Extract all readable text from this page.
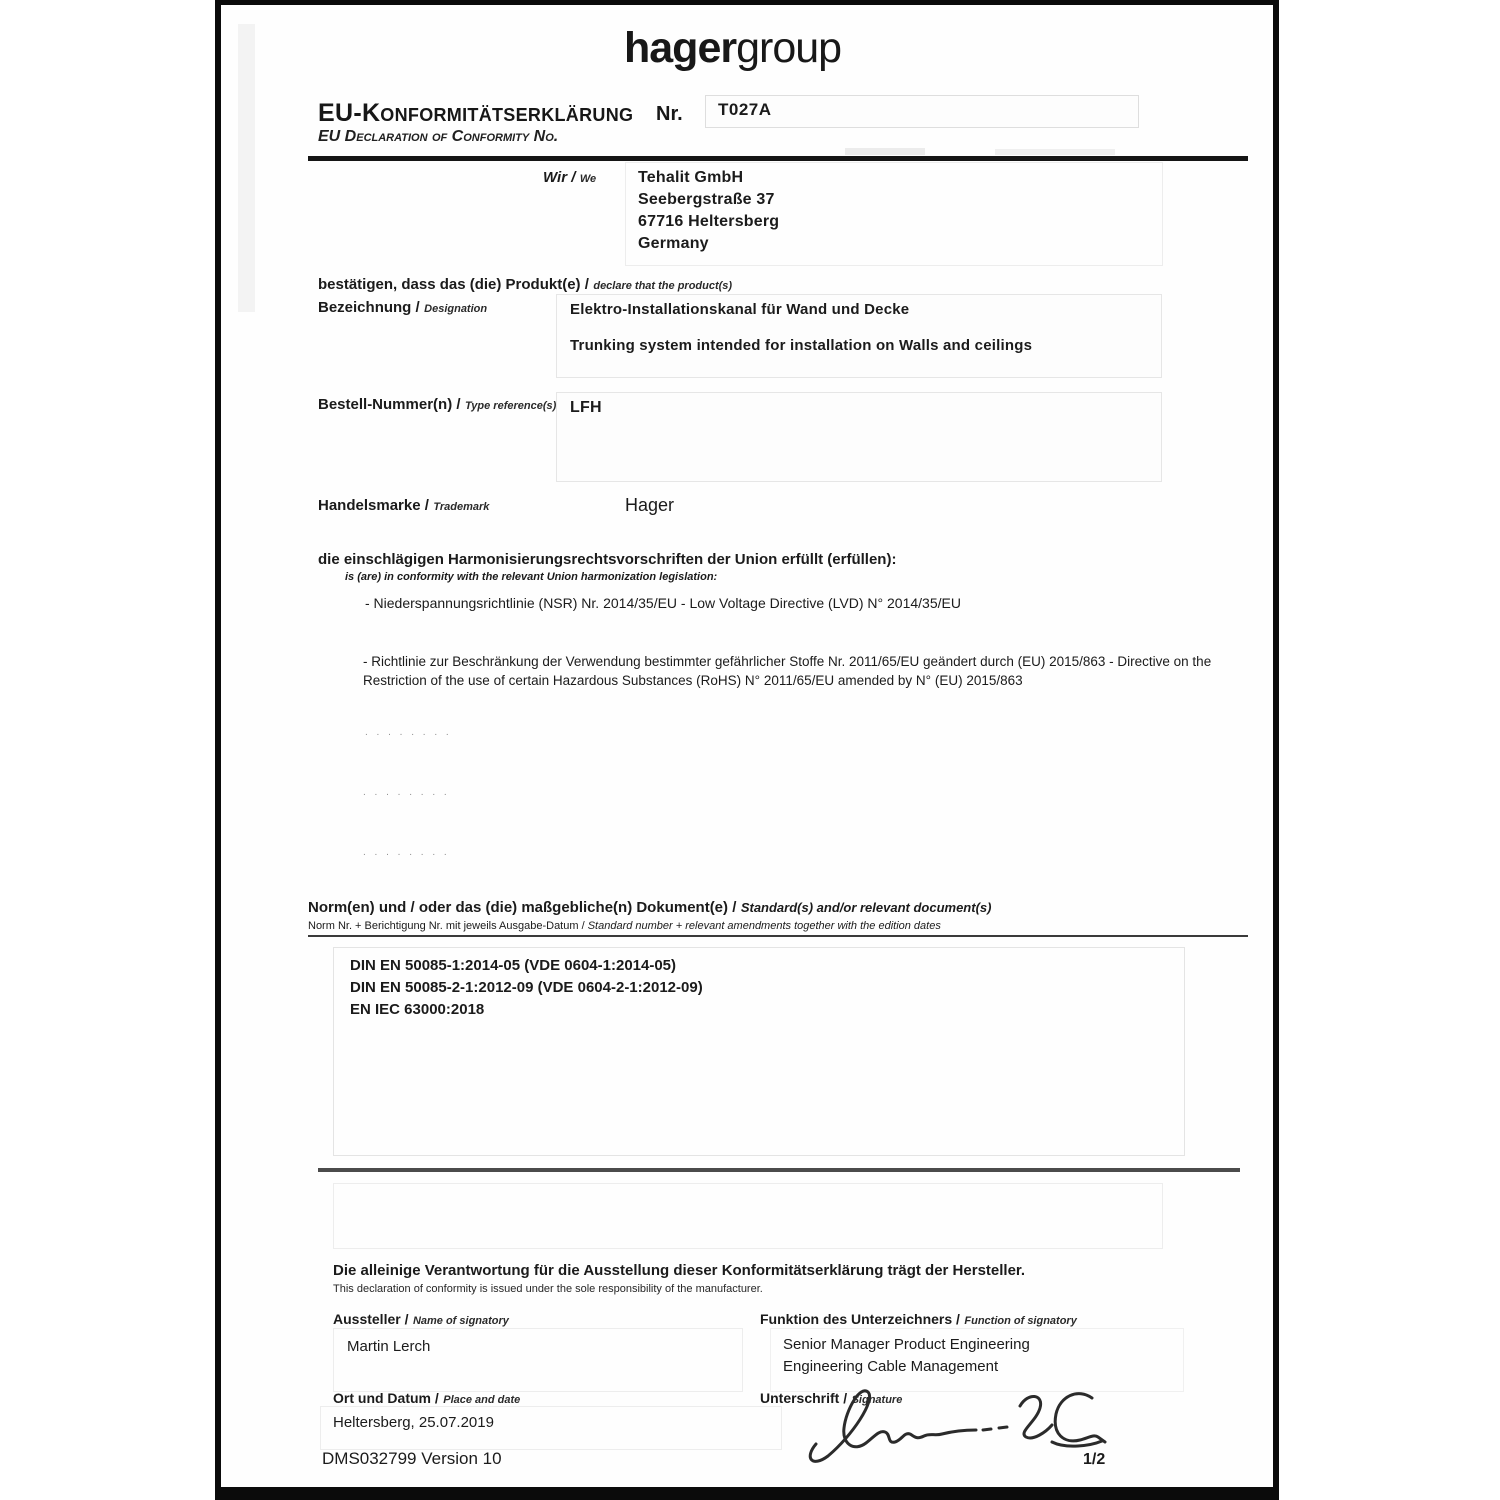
hagergroup
EU-Konformitätserklärung Nr. T027A
EU Declaration of Conformity No.
Wir / We	Tehalit GmbH
Seebergstraße 37
67716 Heltersberg
Germany
bestätigen, dass das (die) Produkt(e) / declare that the product(s)
Bezeichnung / Designation	Elektro-Installationskanal für Wand und Decke
Trunking system intended for installation on Walls and ceilings
Bestell-Nummer(n) / Type reference(s) LFH
Handelsmarke / Trademark	Hager
die einschlägigen Harmonisierungsrechtsvorschriften der Union erfüllt (erfüllen):
is (are) in conformity with the relevant Union harmonization legislation:
- Niederspannungsrichtlinie (NSR) Nr. 2014/35/EU - Low Voltage Directive (LVD) N° 2014/35/EU
- Richtlinie zur Beschränkung der Verwendung bestimmter gefährlicher Stoffe Nr. 2011/65/EU geändert durch (EU) 2015/863 - Directive on the Restriction of the use of certain Hazardous Substances (RoHS) N° 2011/65/EU amended by N° (EU) 2015/863
. . . . . . . .
. . . . . . . .
. . . . . . . .
Norm(en) und / oder das (die) maßgebliche(n) Dokument(e) / Standard(s) and/or relevant document(s)
Norm Nr. + Berichtigung Nr. mit jeweils Ausgabe-Datum / Standard number + relevant amendments together with the edition dates
DIN EN 50085-1:2014-05 (VDE 0604-1:2014-05)
DIN EN 50085-2-1:2012-09 (VDE 0604-2-1:2012-09)
EN IEC 63000:2018
Die alleinige Verantwortung für die Ausstellung dieser Konformitätserklärung trägt der Hersteller.
This declaration of conformity is issued under the sole responsibility of the manufacturer.
Aussteller / Name of signatory	Funktion des Unterzeichners / Function of signatory
Martin Lerch	Senior Manager Product Engineering
Engineering Cable Management
Ort und Datum / Place and date
Heltersberg, 25.07.2019
Unterschrift / Signature
DMS032799 Version 10	1/2
